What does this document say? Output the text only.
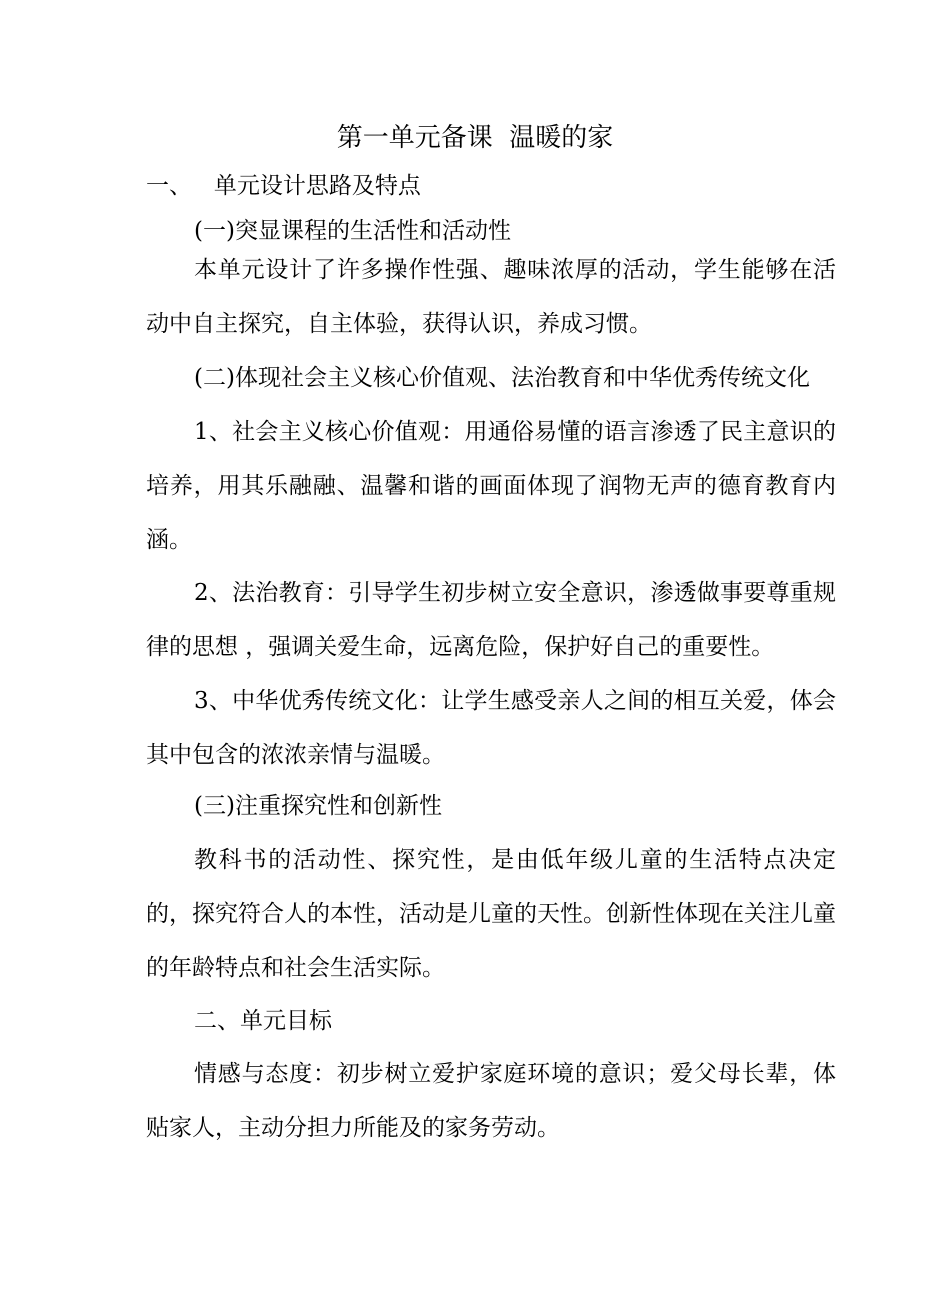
第一单元备课  温暖的家
一、   单元设计思路及特点
(一)突显课程的生活性和活动性
本单元设计了许多操作性强、趣味浓厚的活动，学生能够在活动中自主探究，自主体验，获得认识，养成习惯。
(二)体现社会主义核心价值观、法治教育和中华优秀传统文化
1、社会主义核心价值观：用通俗易懂的语言渗透了民主意识的培养，用其乐融融、温馨和谐的画面体现了润物无声的德育教育内涵。
2、法治教育：引导学生初步树立安全意识，渗透做事要尊重规律的思想 ，强调关爱生命，远离危险，保护好自己的重要性。
3、中华优秀传统文化：让学生感受亲人之间的相互关爱，体会其中包含的浓浓亲情与温暖。
(三)注重探究性和创新性
教科书的活动性、探究性，是由低年级儿童的生活特点决定的，探究符合人的本性，活动是儿童的天性。创新性体现在关注儿童的年龄特点和社会生活实际。
二、单元目标
情感与态度：初步树立爱护家庭环境的意识；爱父母长辈，体贴家人，主动分担力所能及的家务劳动。
